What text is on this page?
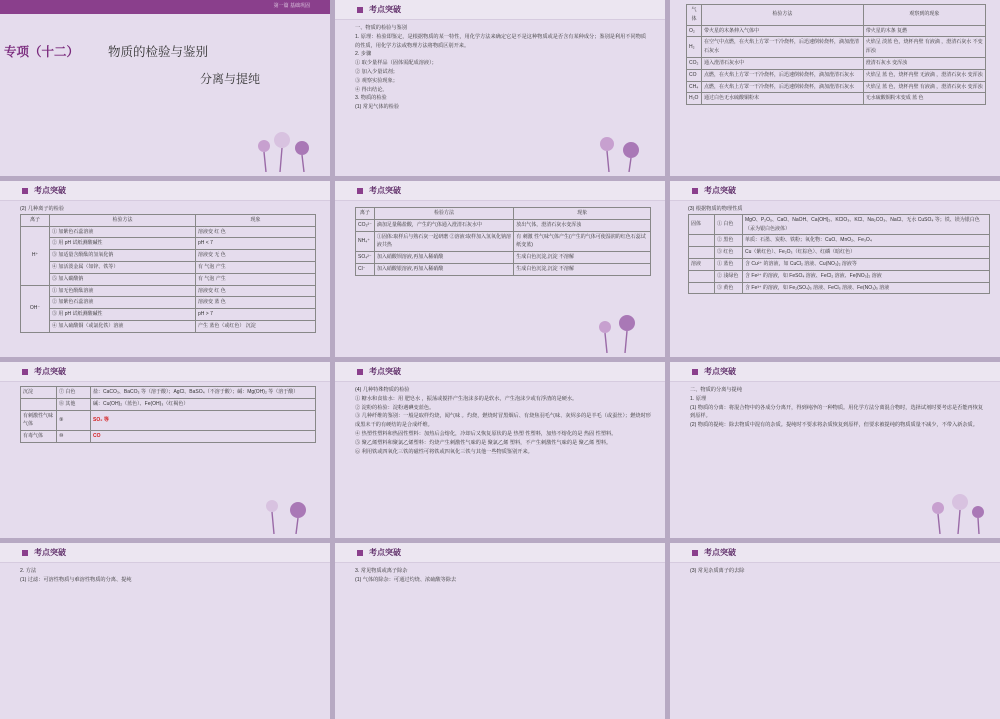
第一篇 基础巩固
专项（十二） 物质的检验与鉴别
分离与提纯
考点突破
一、物质的检验与鉴别
1. 原理：检验即鉴定，是根据物质的某一特性，用化学方法来确定它是不是这种物质或是否含有某种成分；鉴别是利用不同物质的性质，用化学方法或物理方法将物质区别开来。
2. 步骤
① 取少量样品（固体需配成溶液）；
② 加入少量试剂；
③ 观察实验现象；
④ 得出结论。
3. 物质的检验
(1) 常见气体的检验
气体	检验方法	观察到的现象
O₂	带火星的木条伸入气体中	带火星的木条 复燃
H₂	在空气中点燃，在火焰上方罩一干冷烧杯，后迅速倒转烧杯，滴加澄清石灰水	火焰呈 淡蓝 色，烧杯内壁 有液滴 ，澄清石灰水 不变浑浊
CO₂	通入澄清石灰水中	澄清石灰水 变浑浊
CO	点燃，在火焰上方罩一干冷烧杯，后迅速倒转烧杯，滴加澄清石灰水	火焰呈 蓝 色，烧杯内壁 无液滴 ，澄清石灰水 变浑浊
CH₄	点燃，在火焰上方罩一干冷烧杯，后迅速倒转烧杯，滴加澄清石灰水	火焰呈 蓝 色，烧杯内壁 有液滴 ，澄清石灰水 变浑浊
H₂O	通过白色无水硫酸铜粉末	无水硫酸铜粉末变成 蓝 色
考点突破
(2) 几种离子的检验
离子	检验方法	现象
H⁺	① 加紫色石蕊溶液	溶液变 红 色
	② 用 pH 试纸测酸碱性	pH < 7
	③ 加适量含酚酞的氢氧化钠	溶液变 无 色
	④ 加活泼金属（如锌、铁等）	有 气泡 产生
	⑤ 加入碳酸钠	有 气泡 产生
OH⁻	① 加无色酚酞溶液	溶液变 红 色
	② 加紫色石蕊溶液	溶液变 蓝 色
	③ 用 pH 试纸测酸碱性	pH > 7
	④ 加入硫酸铜（或氯化铁）溶液	产生 蓝色（或红色） 沉淀
考点突破
离子	检验方法	现象
CO₃²⁻	滴加足量稀盐酸，产生的气体通入澄清石灰水中	放出气体，澄清石灰水变浑浊
NH₄⁺	①固体:取样后与熟石灰一起研磨 ②溶液:取样加入氢氧化钠溶液共热	有 刺激 性气味气体产生(产生的气体可使湿润的红色石蕊试纸变蓝)
SO₄²⁻	加入硝酸钡溶液,再加入稀硝酸	生成白色沉淀,沉淀 不溶解
Cl⁻	加入硝酸银溶液,再加入稀硝酸	生成白色沉淀,沉淀 不溶解
考点突破
(3) 根据物质的物理性质
固体	① 白色	MgO、P₂O₅、CaO、NaOH、Ca(OH)₂、KClO₃、KCl、Na₂CO₃、NaCl、无水 CuSO₄ 等；铁、镁为银白色（汞为银白色液体）
	② 黑色	单质：石墨、炭粉、铁粉；氧化物：CuO、MnO₂、Fe₃O₄
	③ 红色	Cu（紫红色）、Fe₂O₃（红棕色）、红磷（暗红色）
溶液	① 蓝色	含 Cu²⁺ 的溶液，如 CuCl₂ 溶液、Cu(NO₃)₂ 溶液等
	② 浅绿色	含 Fe²⁺ 的溶液，如 FeSO₄ 溶液、FeCl₂ 溶液、Fe(NO₃)₂ 溶液
	③ 黄色	含 Fe³⁺ 的溶液，如 Fe₂(SO₄)₃ 溶液、FeCl₃ 溶液、Fe(NO₃)₃ 溶液
考点突破
沉淀	⑦ 白色	盐：CaCO₃、BaCO₃ 等（溶于酸）；AgCl、BaSO₄（不溶于酸）；碱：Mg(OH)₂ 等（溶于酸）
	⑧ 其他	碱：Cu(OH)₂（蓝色）、Fe(OH)₃（红褐色）
有刺激性气味气体	⑨	SO₂ 等
有毒气体	⑩	CO
考点突破
(4) 几种特殊物质的检验
① 糖水和食盐水：用 肥皂水 ，振荡或搅拌产生泡沫多的是软水，产生泡沫少或有浮渣的是硬水。
② 淀粉的检验：淀粉遇碘变蓝色。
③ 几种纤维的鉴别：一般是取样灼烧，闻气味 。灼烧，燃烧时冒黑烟后、有烧焦羽毛气味、灰烬多的是羊毛（或蚕丝）；燃烧时形成黑未干的有硬结的是合成纤维。
④ 热塑性塑料和热固性塑料：加热后会熔化，冷却后又恢复原状的是 热塑 性塑料，加热不熔化的是 热固 性塑料。
⑤ 聚乙烯塑料和聚氯乙烯塑料：灼烧产生刺激性气味的是 聚氯乙烯 塑料，不产生刺激性气味的是 聚乙烯 塑料。
⑥ 利用铁或四氧化三铁的磁性可将铁或四氧化三铁与其他一些物质鉴别开来。
考点突破
二、物质的分离与提纯
1. 原理
(1) 物质的分离：将混合物中的各成分分离开，得到纯净的一种物质。用化学方法分离混合物时，选择试剂时要考虑是否能再恢复到原样。
(2) 物质的提纯：除去物质中混有的杂质。提纯时不要求将杂质恢复到原样，但要求被提纯的物质质量不减少，不带入新杂质。
考点突破
2. 方法
(1) 过滤：可溶性物质与难溶性物质的分离、提纯
考点突破
3. 常见物质或离子除杂
(1) 气体的除杂：可通过灼烧、浓硫酸等除去
考点突破
(3) 常见杂质离子的去除
